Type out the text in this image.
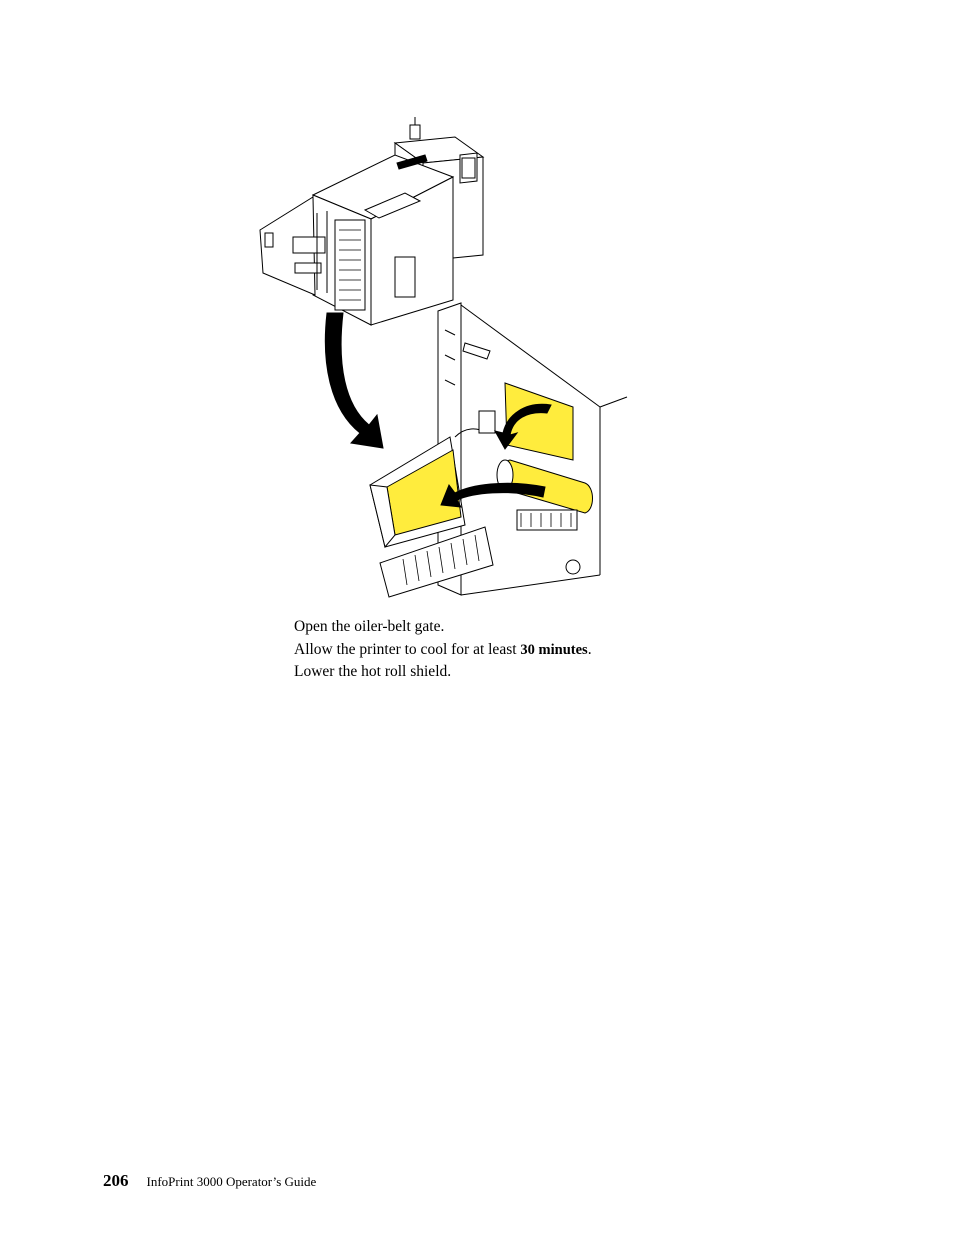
Open the oiler-belt gate.

Allow the printer to cool for at least 30 minutes.

Lower the hot roll shield.

206 InfoPrint 3000 Operator’s Guide
